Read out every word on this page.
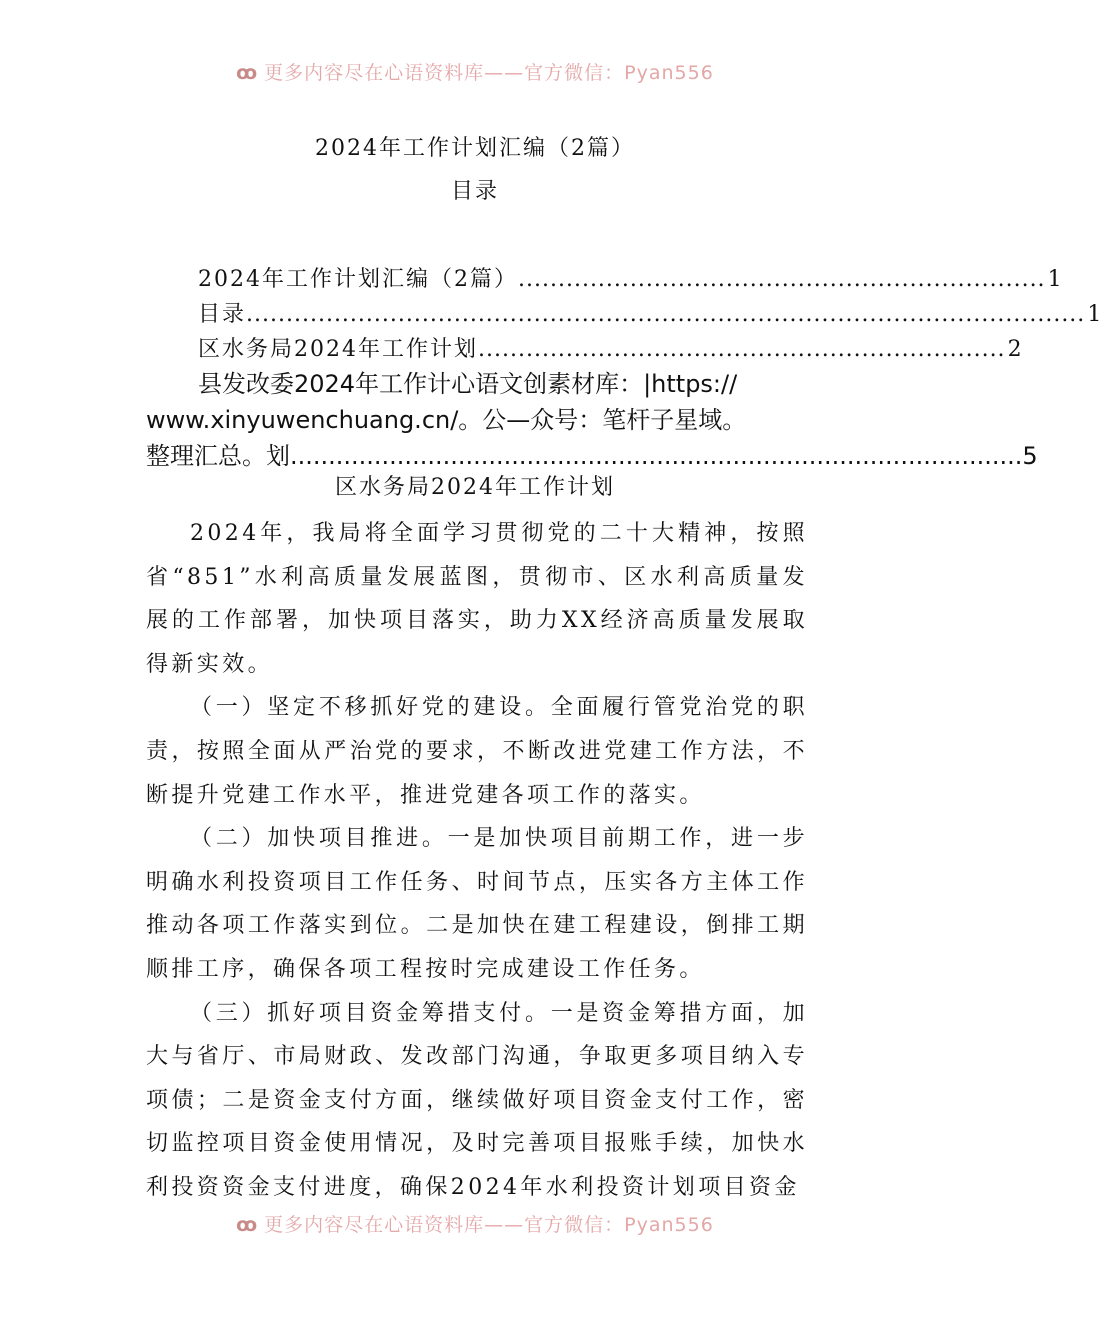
ꝏ 更多内容尽在心语资料库——官方微信：Pyan556
2024年工作计划汇编（2篇）
目录
2024年工作计划汇编（2篇） .................................................................. 1
目录 ......................................................................................................... 1
区水务局2024年工作计划 .................................................................. 2
县发改委2024年工作计心语文创素材库：|https://
www.xinyuwenchuang.cn/。公—众号：笔杆子星域。
整理汇总。划 ................................................................................................ 5
区水务局2024年工作计划

2024年，我局将全面学习贯彻党的二十大精神，按照省“851”水利高质量发展蓝图，贯彻市、区水利高质量发展的工作部署，加快项目落实，助力XX经济高质量发展取得新实效。

（一）坚定不移抓好党的建设。全面履行管党治党的职责，按照全面从严治党的要求，不断改进党建工作方法，不断提升党建工作水平，推进党建各项工作的落实。

（二）加快项目推进。一是加快项目前期工作，进一步明确水利投资项目工作任务、时间节点，压实各方主体工作推动各项工作落实到位。二是加快在建工程建设，倒排工期顺排工序，确保各项工程按时完成建设工作任务。

（三）抓好项目资金筹措支付。一是资金筹措方面，加大与省厅、市局财政、发改部门沟通，争取更多项目纳入专项债；二是资金支付方面，继续做好项目资金支付工作，密切监控项目资金使用情况，及时完善项目报账手续，加快水利投资资金支付进度，确保2024年水利投资计划项目资金

ꝏ 更多内容尽在心语资料库——官方微信：Pyan556
